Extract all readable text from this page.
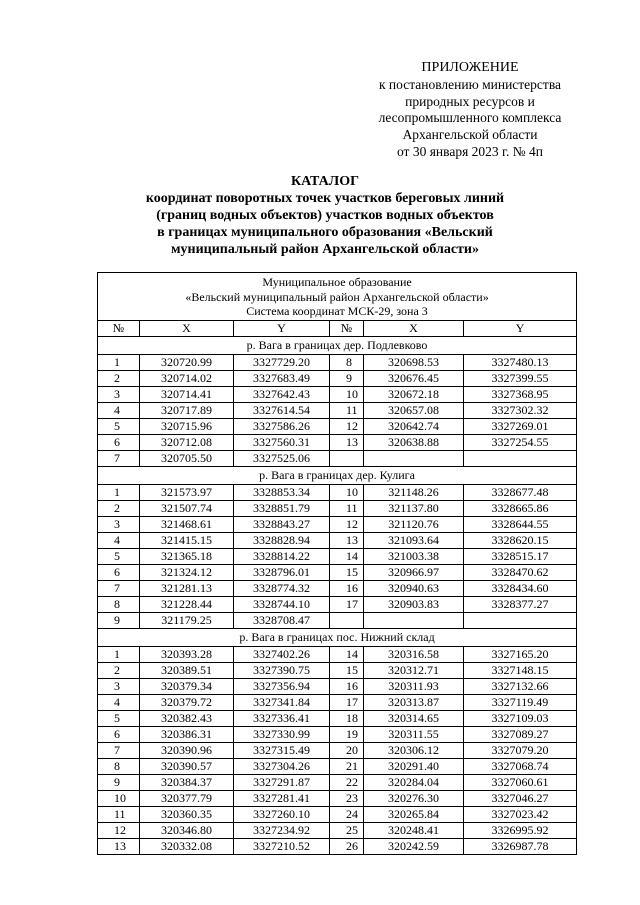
ПРИЛОЖЕНИЕ
к постановлению министерства
природных ресурсов и
лесопромышленного комплекса
Архангельской области
от 30 января 2023 г. № 4п
КАТАЛОГ
координат поворотных точек участков береговых линий
(границ водных объектов) участков водных объектов
в границах муниципального образования «Вельский
муниципальный район Архангельской области»
Муниципальное образование
«Вельский муниципальный район Архангельской области»
Система координат МСК-29, зона 3					

№	X	Y	№	X	Y
р. Вага в границах дер. Подлевково					
1	320720.99	3327729.20	8	320698.53	3327480.13
2	320714.02	3327683.49	9	320676.45	3327399.55
3	320714.41	3327642.43	10	320672.18	3327368.95
4	320717.89	3327614.54	11	320657.08	3327302.32
5	320715.96	3327586.26	12	320642.74	3327269.01
6	320712.08	3327560.31	13	320638.88	3327254.55
7	320705.50	3327525.06			
р. Вага в границах дер. Кулига					
1	321573.97	3328853.34	10	321148.26	3328677.48
2	321507.74	3328851.79	11	321137.80	3328665.86
3	321468.61	3328843.27	12	321120.76	3328644.55
4	321415.15	3328828.94	13	321093.64	3328620.15
5	321365.18	3328814.22	14	321003.38	3328515.17
6	321324.12	3328796.01	15	320966.97	3328470.62
7	321281.13	3328774.32	16	320940.63	3328434.60
8	321228.44	3328744.10	17	320903.83	3328377.27
9	321179.25	3328708.47			
р. Вага в границах пос. Нижний склад					
1	320393.28	3327402.26	14	320316.58	3327165.20
2	320389.51	3327390.75	15	320312.71	3327148.15
3	320379.34	3327356.94	16	320311.93	3327132.66
4	320379.72	3327341.84	17	320313.87	3327119.49
5	320382.43	3327336.41	18	320314.65	3327109.03
6	320386.31	3327330.99	19	320311.55	3327089.27
7	320390.96	3327315.49	20	320306.12	3327079.20
8	320390.57	3327304.26	21	320291.40	3327068.74
9	320384.37	3327291.87	22	320284.04	3327060.61
10	320377.79	3327281.41	23	320276.30	3327046.27
11	320360.35	3327260.10	24	320265.84	3327023.42
12	320346.80	3327234.92	25	320248.41	3326995.92
13	320332.08	3327210.52	26	320242.59	3326987.78
